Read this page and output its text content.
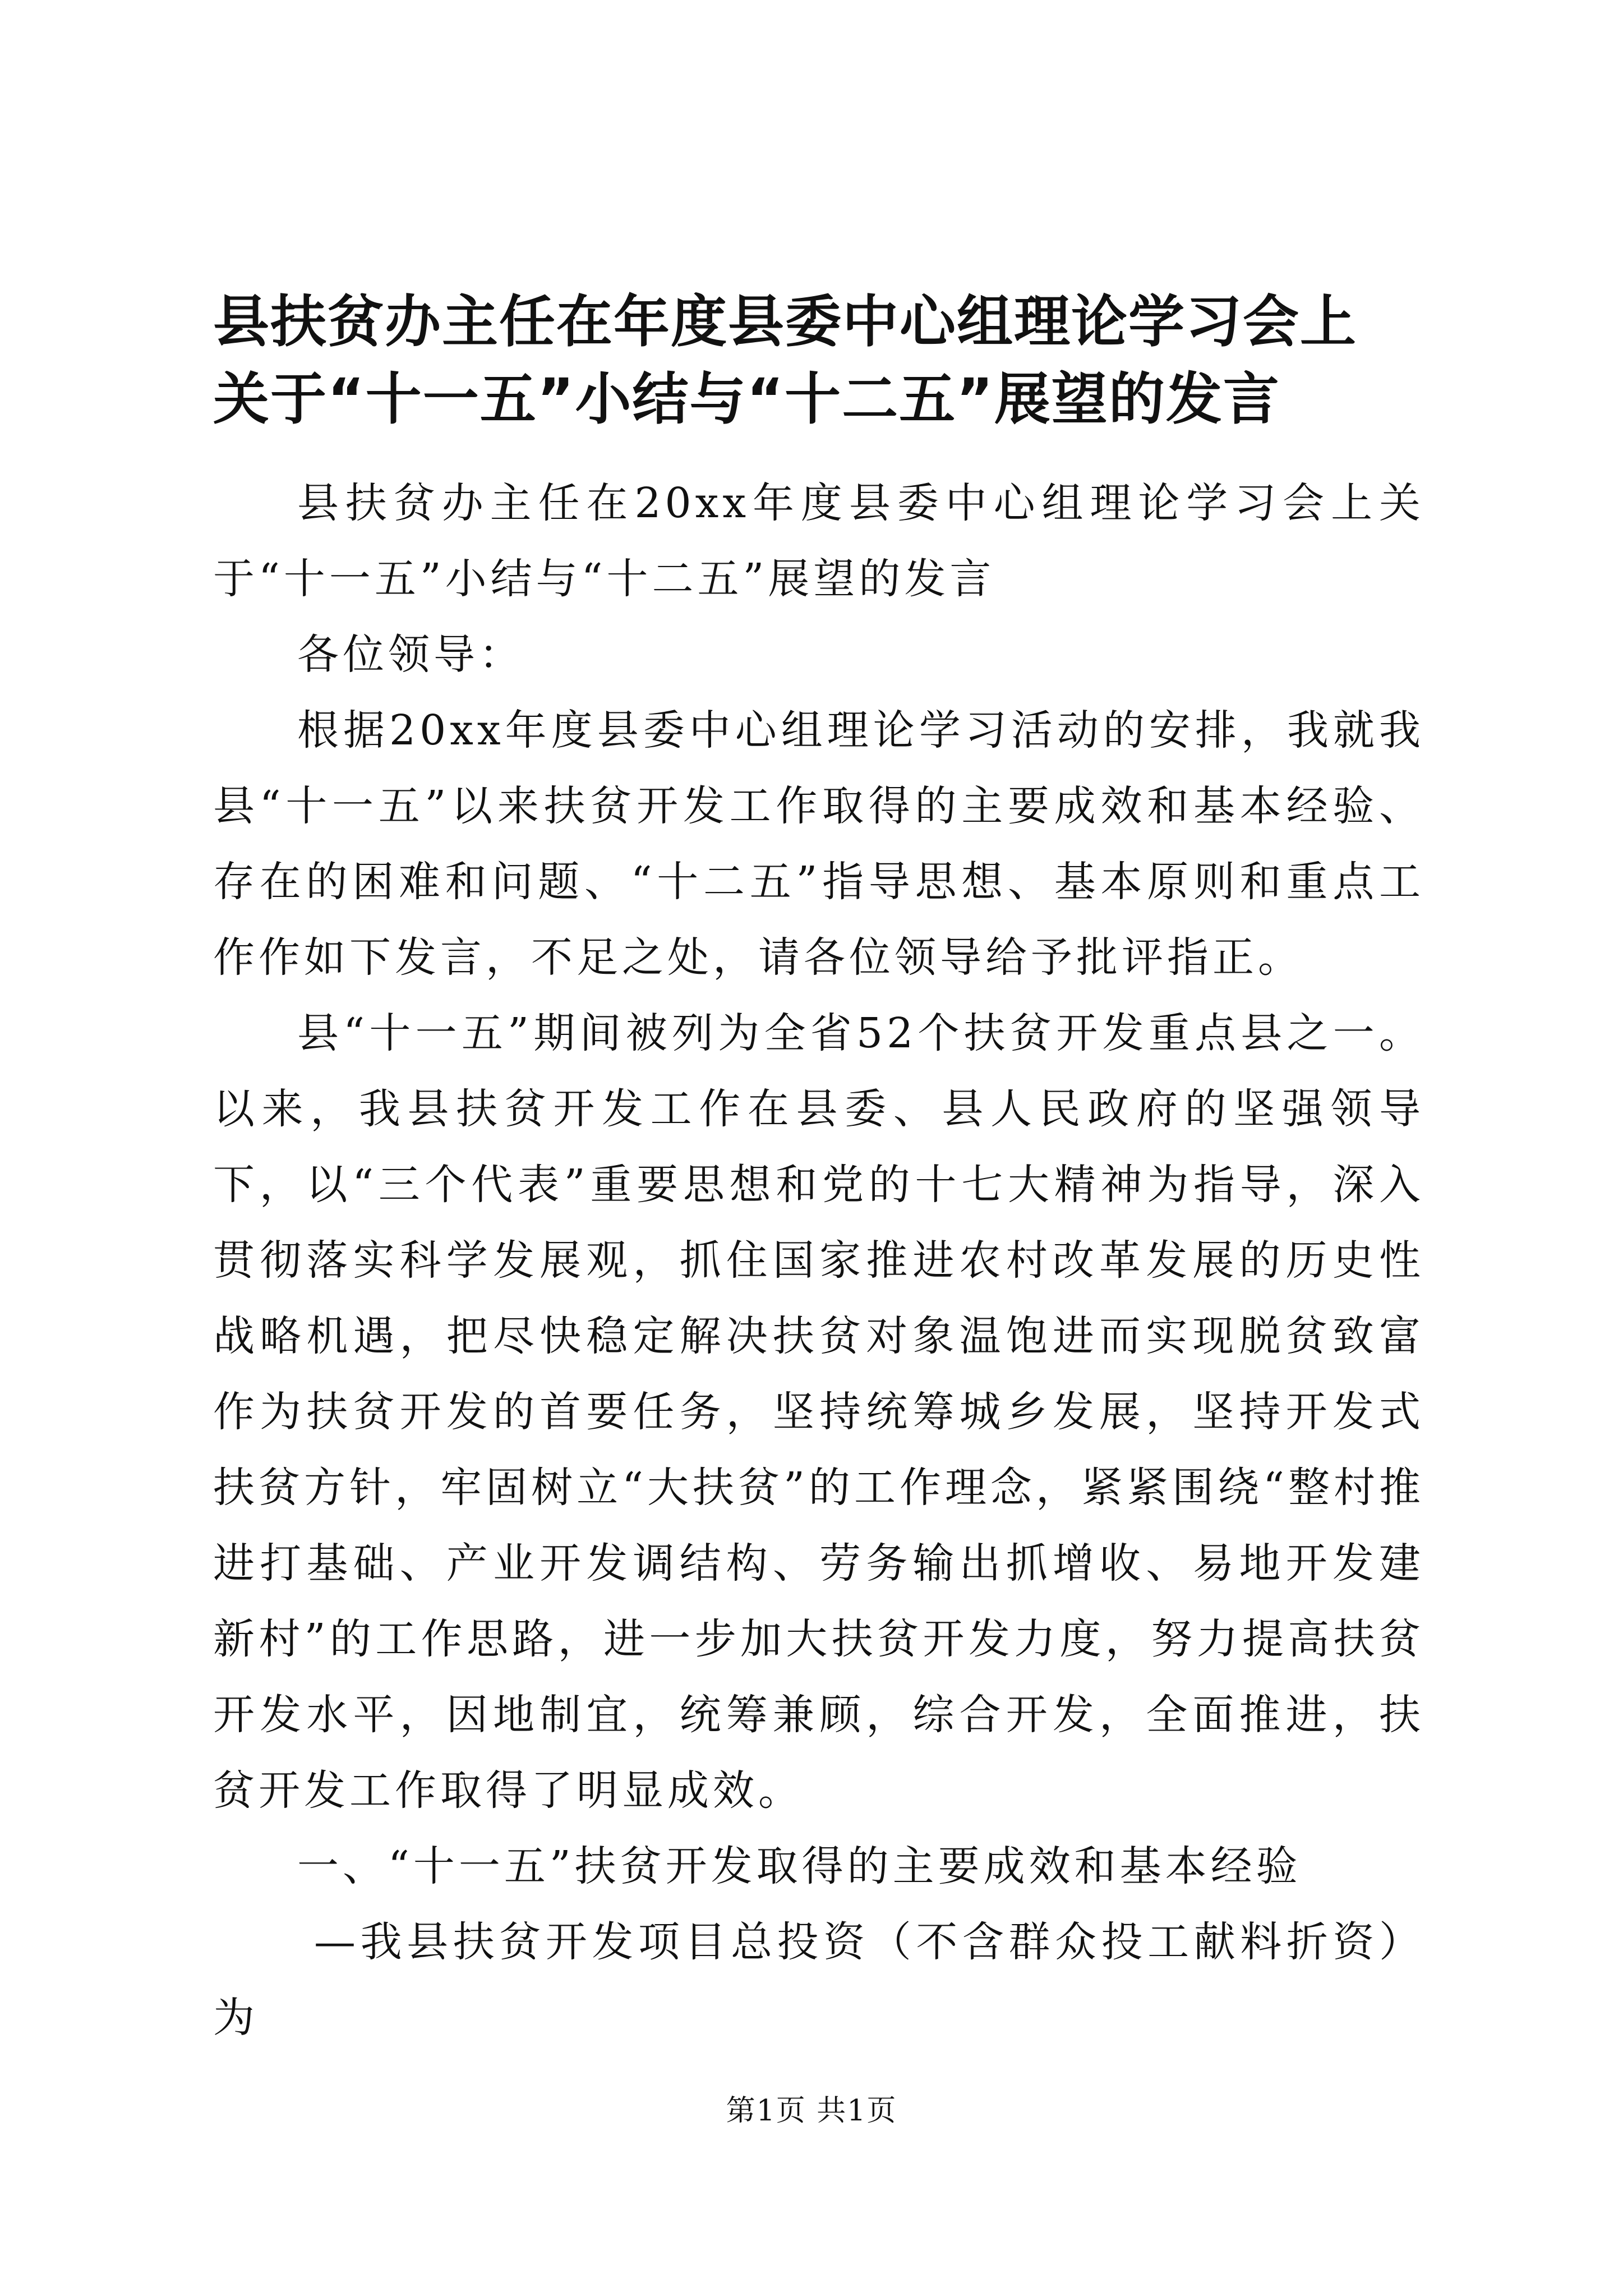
县扶贫办主任在年度县委中心组理论学习会上
关于“十一五”小结与“十二五”展望的发言

县扶贫办主任在20xx年度县委中心组理论学习会上关于“十一五”小结与“十二五”展望的发言

各位领导：

根据20xx年度县委中心组理论学习活动的安排，我就我县“十一五”以来扶贫开发工作取得的主要成效和基本经验、存在的困难和问题、“十二五”指导思想、基本原则和重点工作作如下发言，不足之处，请各位领导给予批评指正。

县“十一五”期间被列为全省52个扶贫开发重点县之一。以来，我县扶贫开发工作在县委、县人民政府的坚强领导下，以“三个代表”重要思想和党的十七大精神为指导，深入贯彻落实科学发展观，抓住国家推进农村改革发展的历史性战略机遇，把尽快稳定解决扶贫对象温饱进而实现脱贫致富作为扶贫开发的首要任务，坚持统筹城乡发展，坚持开发式扶贫方针，牢固树立“大扶贫”的工作理念，紧紧围绕“整村推进打基础、产业开发调结构、劳务输出抓增收、易地开发建新村”的工作思路，进一步加大扶贫开发力度，努力提高扶贫开发水平，因地制宜，统筹兼顾，综合开发，全面推进，扶贫开发工作取得了明显成效。

一、“十一五”扶贫开发取得的主要成效和基本经验

—我县扶贫开发项目总投资（不含群众投工献料折资）为

第1页 共1页
